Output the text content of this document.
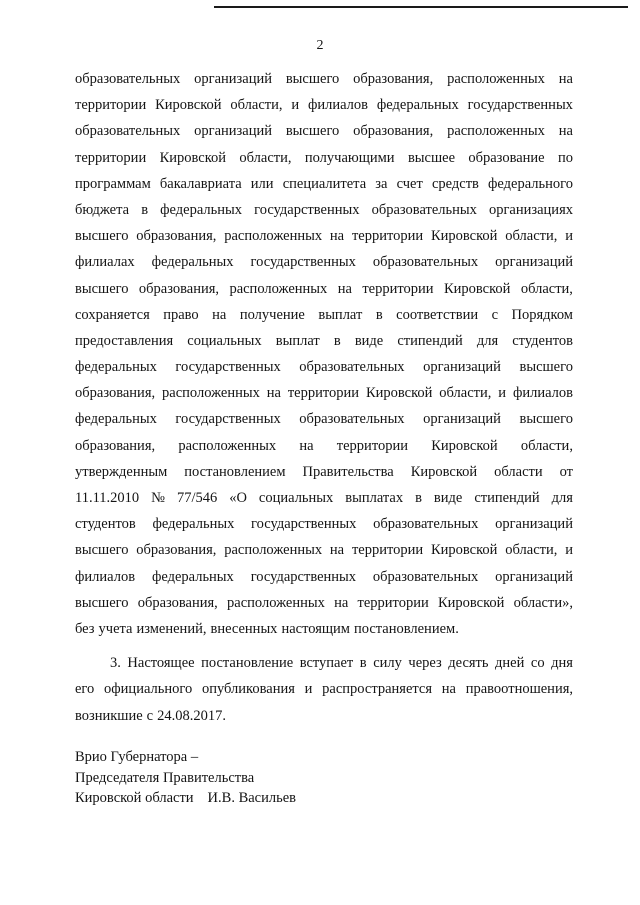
2
образовательных организаций высшего образования, расположенных на
территории Кировской области, и филиалов федеральных государственных
образовательных организаций высшего образования, расположенных на
территории Кировской области, получающими высшее образование по
программам бакалавриата или специалитета за счет средств федерального
бюджета в федеральных государственных образовательных организациях
высшего образования, расположенных на территории Кировской области, и
филиалах федеральных государственных образовательных организаций
высшего образования, расположенных на территории Кировской области,
сохраняется право на получение выплат в соответствии с Порядком
предоставления социальных выплат в виде стипендий для студентов
федеральных государственных образовательных организаций высшего
образования, расположенных на территории Кировской области, и филиалов
федеральных государственных образовательных организаций высшего
образования, расположенных на территории Кировской области,
утвержденным постановлением Правительства Кировской области от
11.11.2010 № 77/546 «О социальных выплатах в виде стипендий для
студентов федеральных государственных образовательных организаций
высшего образования, расположенных на территории Кировской области, и
филиалов федеральных государственных образовательных организаций
высшего образования, расположенных на территории Кировской области»,
без учета изменений, внесенных настоящим постановлением.
3. Настоящее постановление вступает в силу через десять дней со дня
его официального опубликования и распространяется на правоотношения,
возникшие с 24.08.2017.
Врио Губернатора –
Председателя Правительства
Кировской области И.В. Васильев
